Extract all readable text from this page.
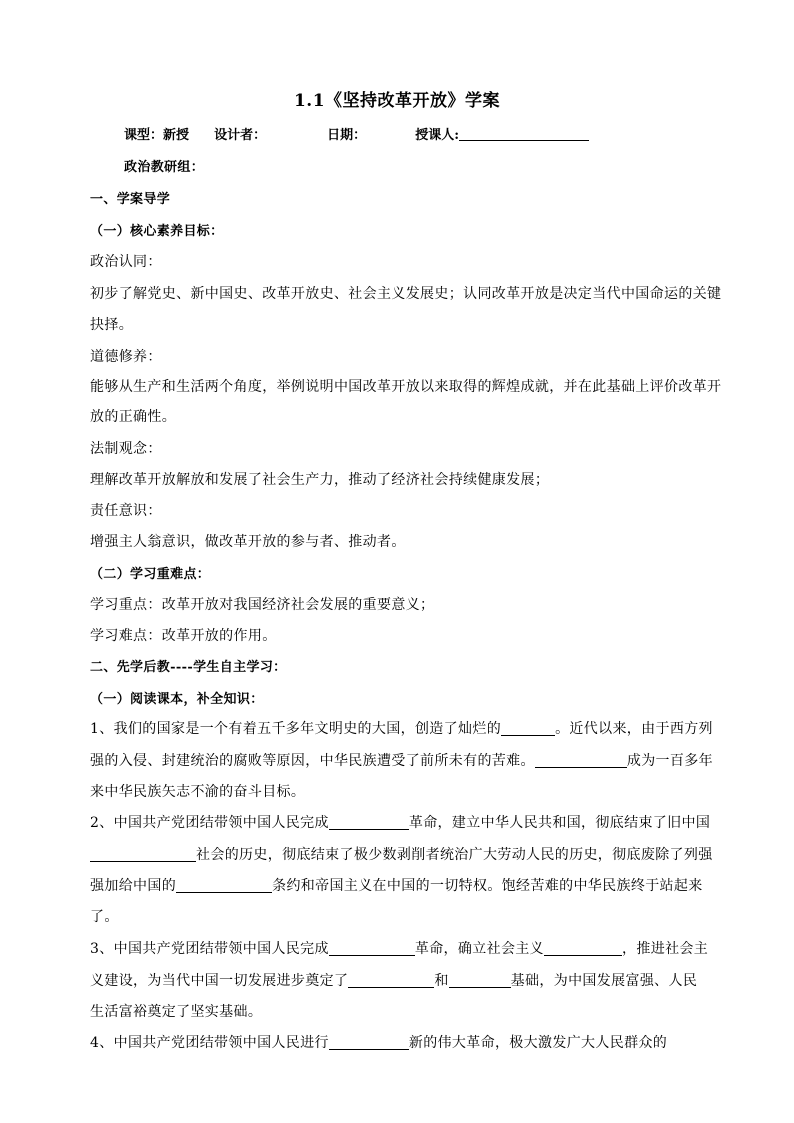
1.1《坚持改革开放》学案
课型：新授 设计者：	日期：	授课人:
政治教研组：
一、学案导学
（一）核心素养目标：
政治认同：
初步了解党史、新中国史、改革开放史、社会主义发展史；认同改革开放是决定当代中国命运的关键
抉择。
道德修养：
能够从生产和生活两个角度，举例说明中国改革开放以来取得的辉煌成就，并在此基础上评价改革开
放的正确性。
法制观念：
理解改革开放解放和发展了社会生产力，推动了经济社会持续健康发展；
责任意识：
增强主人翁意识，做改革开放的参与者、推动者。
（二）学习重难点：
学习重点：改革开放对我国经济社会发展的重要意义；
学习难点：改革开放的作用。
二、先学后教----学生自主学习：
（一）阅读课本，补全知识：
1、我们的国家是一个有着五千多年文明史的大国，创造了灿烂的	。近代以来，由于西方列
强的入侵、封建统治的腐败等原因，中华民族遭受了前所未有的苦难。	成为一百多年
来中华民族矢志不渝的奋斗目标。
2、中国共产党团结带领中国人民完成	革命，建立中华人民共和国，彻底结束了旧中国
社会的历史，彻底结束了极少数剥削者统治广大劳动人民的历史，彻底废除了列强
强加给中国的	条约和帝国主义在中国的一切特权。饱经苦难的中华民族终于站起来
了。
3、中国共产党团结带领中国人民完成	革命，确立社会主义	，推进社会主
义建设，为当代中国一切发展进步奠定了	和	基础，为中国发展富强、人民
生活富裕奠定了坚实基础。
4、中国共产党团结带领中国人民进行	新的伟大革命，极大激发广大人民群众的
